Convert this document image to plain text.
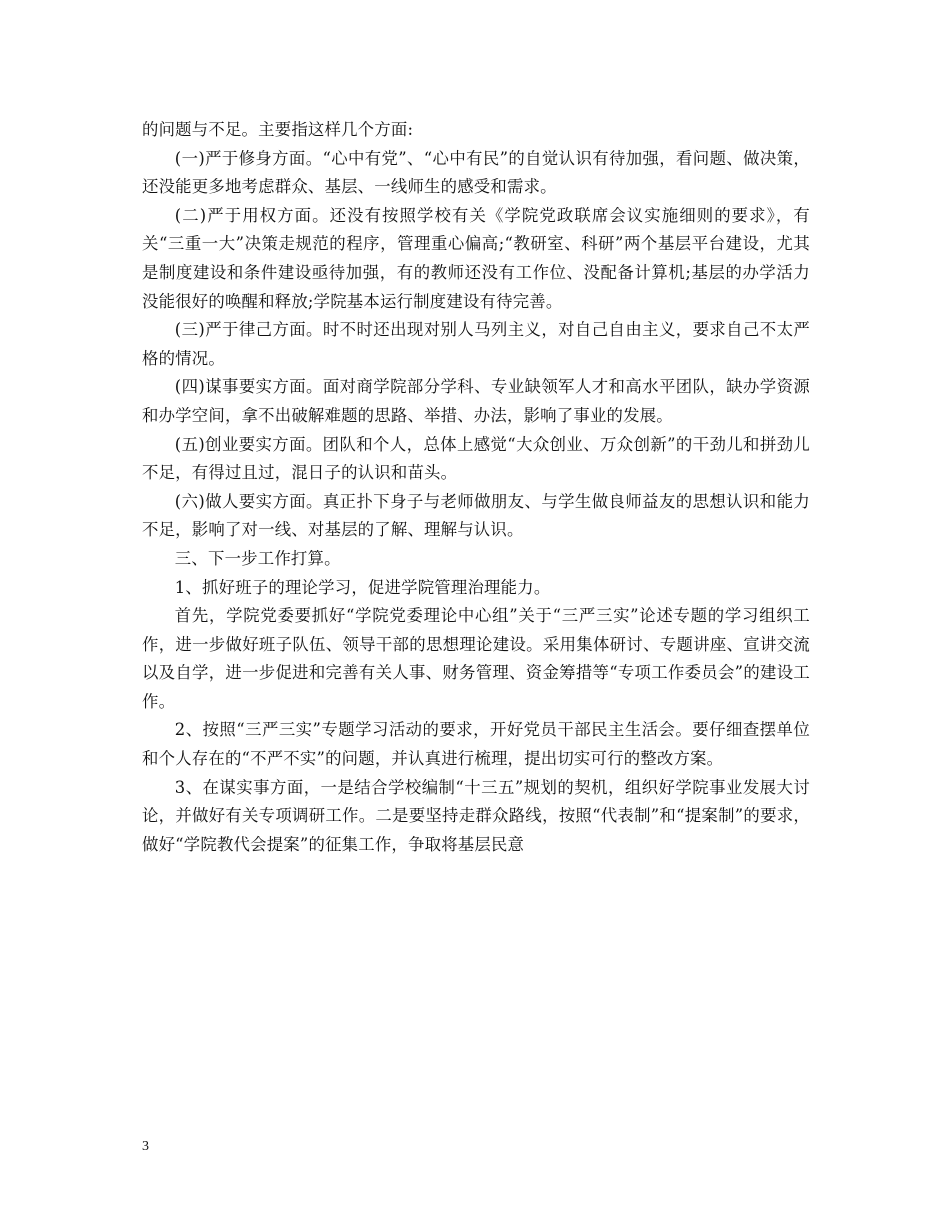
的问题与不足。主要指这样几个方面:

(一)严于修身方面。“心中有党”、“心中有民”的自觉认识有待加强，看问题、做决策，还没能更多地考虑群众、基层、一线师生的感受和需求。

(二)严于用权方面。还没有按照学校有关《学院党政联席会议实施细则的要求》，有关“三重一大”决策走规范的程序，管理重心偏高;“教研室、科研”两个基层平台建设，尤其是制度建设和条件建设亟待加强，有的教师还没有工作位、没配备计算机;基层的办学活力没能很好的唤醒和释放;学院基本运行制度建设有待完善。

(三)严于律己方面。时不时还出现对别人马列主义，对自己自由主义，要求自己不太严格的情况。

(四)谋事要实方面。面对商学院部分学科、专业缺领军人才和高水平团队，缺办学资源和办学空间，拿不出破解难题的思路、举措、办法，影响了事业的发展。

(五)创业要实方面。团队和个人，总体上感觉“大众创业、万众创新”的干劲儿和拼劲儿不足，有得过且过，混日子的认识和苗头。

(六)做人要实方面。真正扑下身子与老师做朋友、与学生做良师益友的思想认识和能力不足，影响了对一线、对基层的了解、理解与认识。

三、下一步工作打算。

1、抓好班子的理论学习，促进学院管理治理能力。

首先，学院党委要抓好“学院党委理论中心组”关于“三严三实”论述专题的学习组织工作，进一步做好班子队伍、领导干部的思想理论建设。采用集体研讨、专题讲座、宣讲交流以及自学，进一步促进和完善有关人事、财务管理、资金筹措等“专项工作委员会”的建设工作。

2、按照“三严三实”专题学习活动的要求，开好党员干部民主生活会。要仔细查摆单位和个人存在的“不严不实”的问题，并认真进行梳理，提出切实可行的整改方案。

3、在谋实事方面，一是结合学校编制“十三五”规划的契机，组织好学院事业发展大讨论，并做好有关专项调研工作。二是要坚持走群众路线，按照“代表制”和“提案制”的要求，做好“学院教代会提案”的征集工作，争取将基层民意

3
